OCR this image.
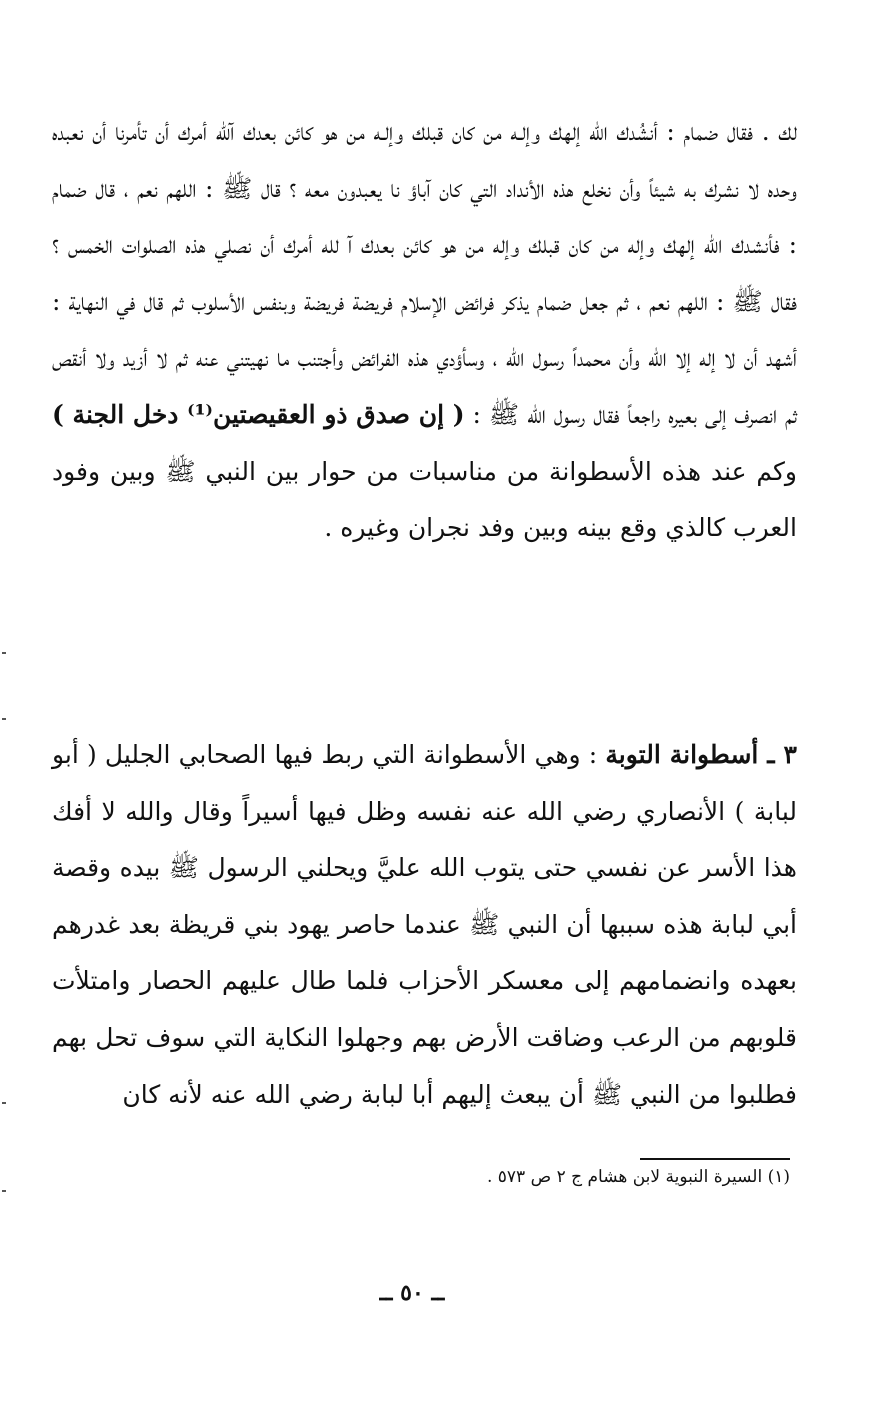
لك . فقال ضمام : أنشُدك الله إلهك وإلـه من كان قبلك وإلـه من هو كائن بعدك آلله أمرك أن تأمرنا أن نعبده وحده لا نشرك به شيئاً وأن نخلع هذه الأنداد التي كان آباؤ نا يعبدون معه ؟ قال ﷺ : اللهم نعم ، قال ضمام : فأنشدك الله إلهك وإله من كان قبلك وإله من هو كائن بعدك آ لله أمرك أن نصلي هذه الصلوات الخمس ؟ فقال ﷺ : اللهم نعم ، ثم جعل ضمام يذكر فرائض الإسلام فريضة فريضة وبنفس الأسلوب ثم قال في النهاية : أشهد أن لا إله إلا الله وأن محمداً رسول الله ، وسأؤدي هذه الفرائض وأجتنب ما نهيتني عنه ثم لا أزيد ولا أنقص ثم انصرف إلى بعيره راجعاً فقال رسول الله ﷺ : ( إن صدق ذو العقيصتين⁽¹⁾ دخل الجنة ) وكم عند هذه الأسطوانة من مناسبات من حوار بين النبي ﷺ وبين وفود العرب كالذي وقع بينه وبين وفد نجران وغيره .

٣ ـ أسطوانة التوبة : وهي الأسطوانة التي ربط فيها الصحابي الجليل ( أبو لبابة ) الأنصاري رضي الله عنه نفسه وظل فيها أسيراً وقال والله لا أفك هذا الأسر عن نفسي حتى يتوب الله عليَّ ويحلني الرسول ﷺ بيده وقصة أبي لبابة هذه سببها أن النبي ﷺ عندما حاصر يهود بني قريظة بعد غدرهم بعهده وانضمامهم إلى معسكر الأحزاب فلما طال عليهم الحصار وامتلأت قلوبهم من الرعب وضاقت الأرض بهم وجهلوا النكاية التي سوف تحل بهم فطلبوا من النبي ﷺ أن يبعث إليهم أبا لبابة رضي الله عنه لأنه كان

(١) السيرة النبوية لابن هشام ج ٢ ص ٥٧٣ .

ــ ٥٠ ــ
